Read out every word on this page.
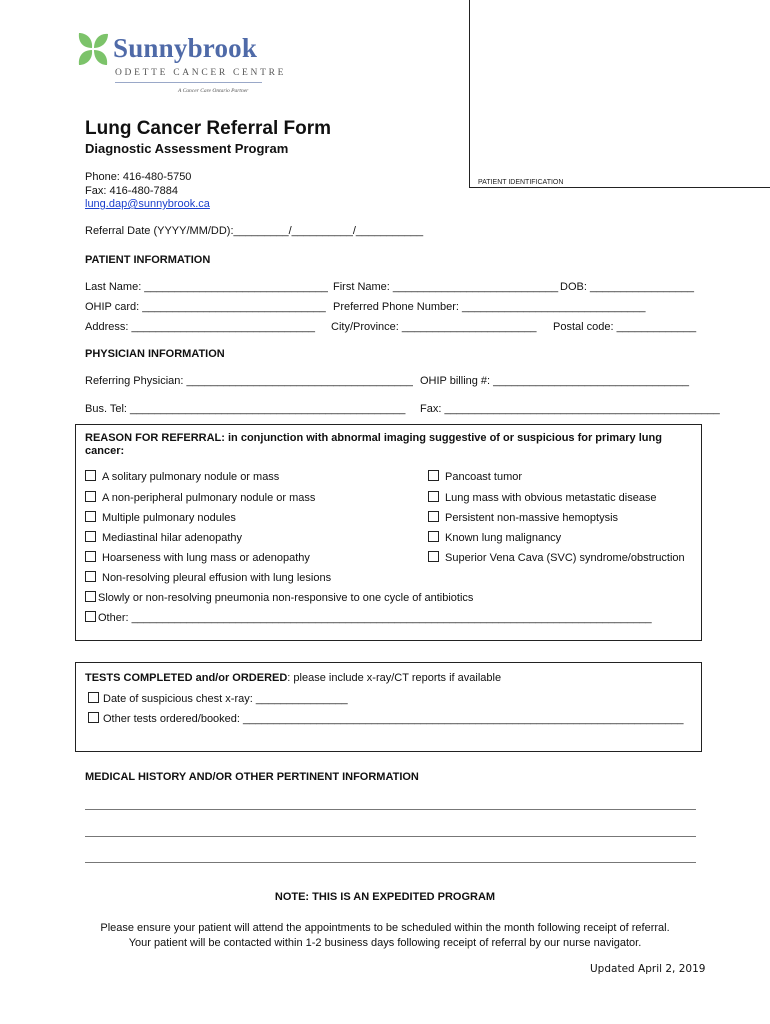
Sunnybrook
ODETTE CANCER CENTRE
A Cancer Care Ontario Partner
PATIENT IDENTIFICATION
Lung Cancer Referral Form
Diagnostic Assessment Program
Phone: 416-480-5750
Fax: 416-480-7884
lung.dap@sunnybrook.ca
Referral Date (YYYY/MM/DD):_________/__________/___________
PATIENT INFORMATION
Last Name: ______________________________ First Name: ___________________________ DOB: _________________
OHIP card: ______________________________ Preferred Phone Number: ______________________________
Address: ______________________________ City/Province: ______________________ Postal code: _____________
PHYSICIAN INFORMATION
Referring Physician: _____________________________________ OHIP billing #: ________________________________
Bus. Tel: _____________________________________________ Fax: _____________________________________________
REASON FOR REFERRAL: in conjunction with abnormal imaging suggestive of or suspicious for primary lung cancer:
A solitary pulmonary nodule or mass
A non-peripheral pulmonary nodule or mass
Multiple pulmonary nodules
Mediastinal hilar adenopathy
Hoarseness with lung mass or adenopathy
Pancoast tumor
Lung mass with obvious metastatic disease
Persistent non-massive hemoptysis
Known lung malignancy
Superior Vena Cava (SVC) syndrome/obstruction
Non-resolving pleural effusion with lung lesions
Slowly or non-resolving pneumonia non-responsive to one cycle of antibiotics
Other: _____________________________________________________________________________________
TESTS COMPLETED and/or ORDERED: please include x-ray/CT reports if available
Date of suspicious chest x-ray: _______________
Other tests ordered/booked: ________________________________________________________________________
MEDICAL HISTORY AND/OR OTHER PERTINENT INFORMATION
NOTE: THIS IS AN EXPEDITED PROGRAM
Please ensure your patient will attend the appointments to be scheduled within the month following receipt of referral.
Your patient will be contacted within 1-2 business days following receipt of referral by our nurse navigator.
Updated April 2, 2019
